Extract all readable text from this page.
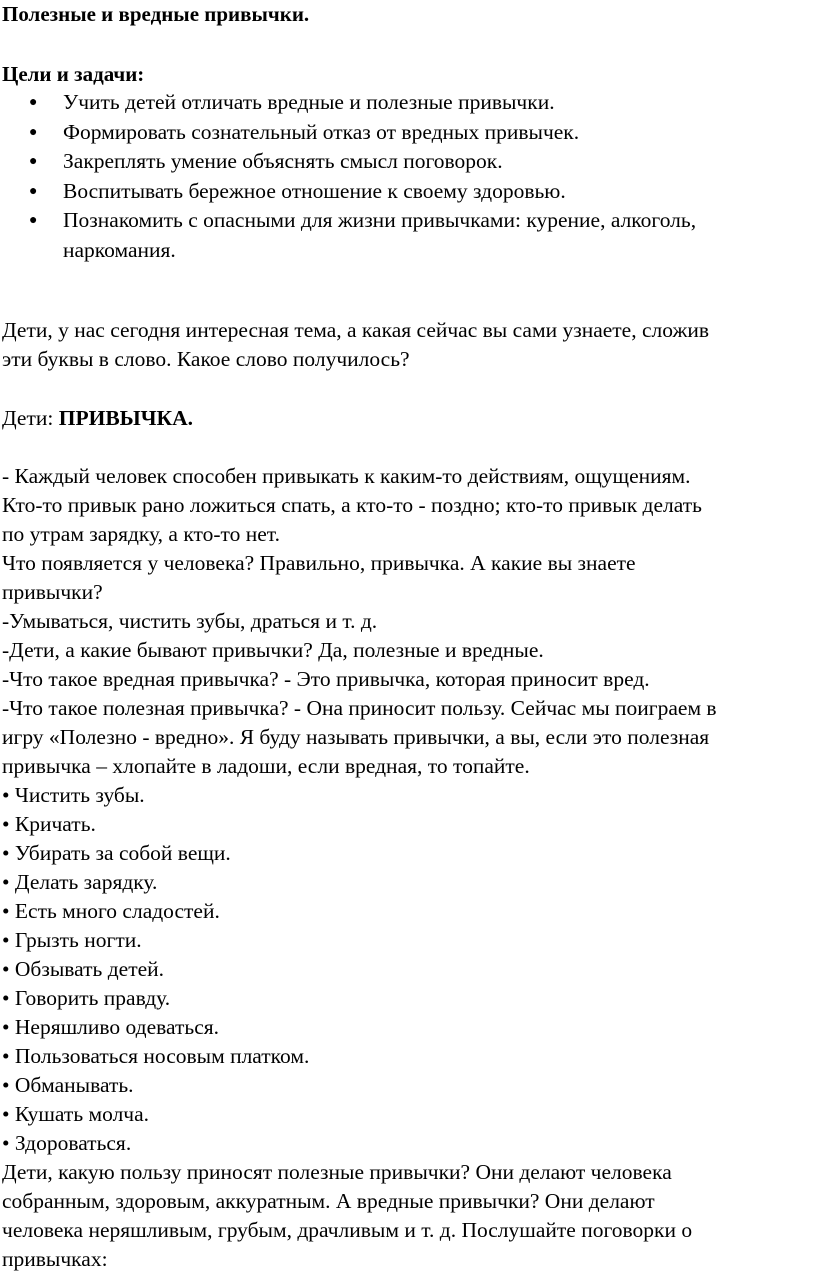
Полезные и вредные привычки.
Цели и задачи:
● Учить детей отличать вредные и полезные привычки.
● Формировать сознательный отказ от вредных привычек.
● Закреплять умение объяснять смысл поговорок.
● Воспитывать бережное отношение к своему здоровью.
● Познакомить с опасными для жизни привычками: курение, алкоголь, наркомания.
Дети, у нас сегодня интересная тема, а какая сейчас вы сами узнаете, сложив
эти буквы в слово. Какое слово получилось?
Дети: ПРИВЫЧКА.
- Каждый человек способен привыкать к каким-то действиям, ощущениям.
Кто-то привык рано ложиться спать, а кто-то - поздно; кто-то привык делать
по утрам зарядку, а кто-то нет.
Что появляется у человека? Правильно, привычка. А какие вы знаете
привычки?
-Умываться, чистить зубы, драться и т. д.
-Дети, а какие бывают привычки? Да, полезные и вредные.
-Что такое вредная привычка? - Это привычка, которая приносит вред.
-Что такое полезная привычка? - Она приносит пользу. Сейчас мы поиграем в
игру «Полезно - вредно». Я буду называть привычки, а вы, если это полезная
привычка – хлопайте в ладоши, если вредная, то топайте.
• Чистить зубы.
• Кричать.
• Убирать за собой вещи.
• Делать зарядку.
• Есть много сладостей.
• Грызть ногти.
• Обзывать детей.
• Говорить правду.
• Неряшливо одеваться.
• Пользоваться носовым платком.
• Обманывать.
• Кушать молча.
• Здороваться.
Дети, какую пользу приносят полезные привычки? Они делают человека
собранным, здоровым, аккуратным. А вредные привычки? Они делают
человека неряшливым, грубым, драчливым и т. д. Послушайте поговорки о
привычках:
